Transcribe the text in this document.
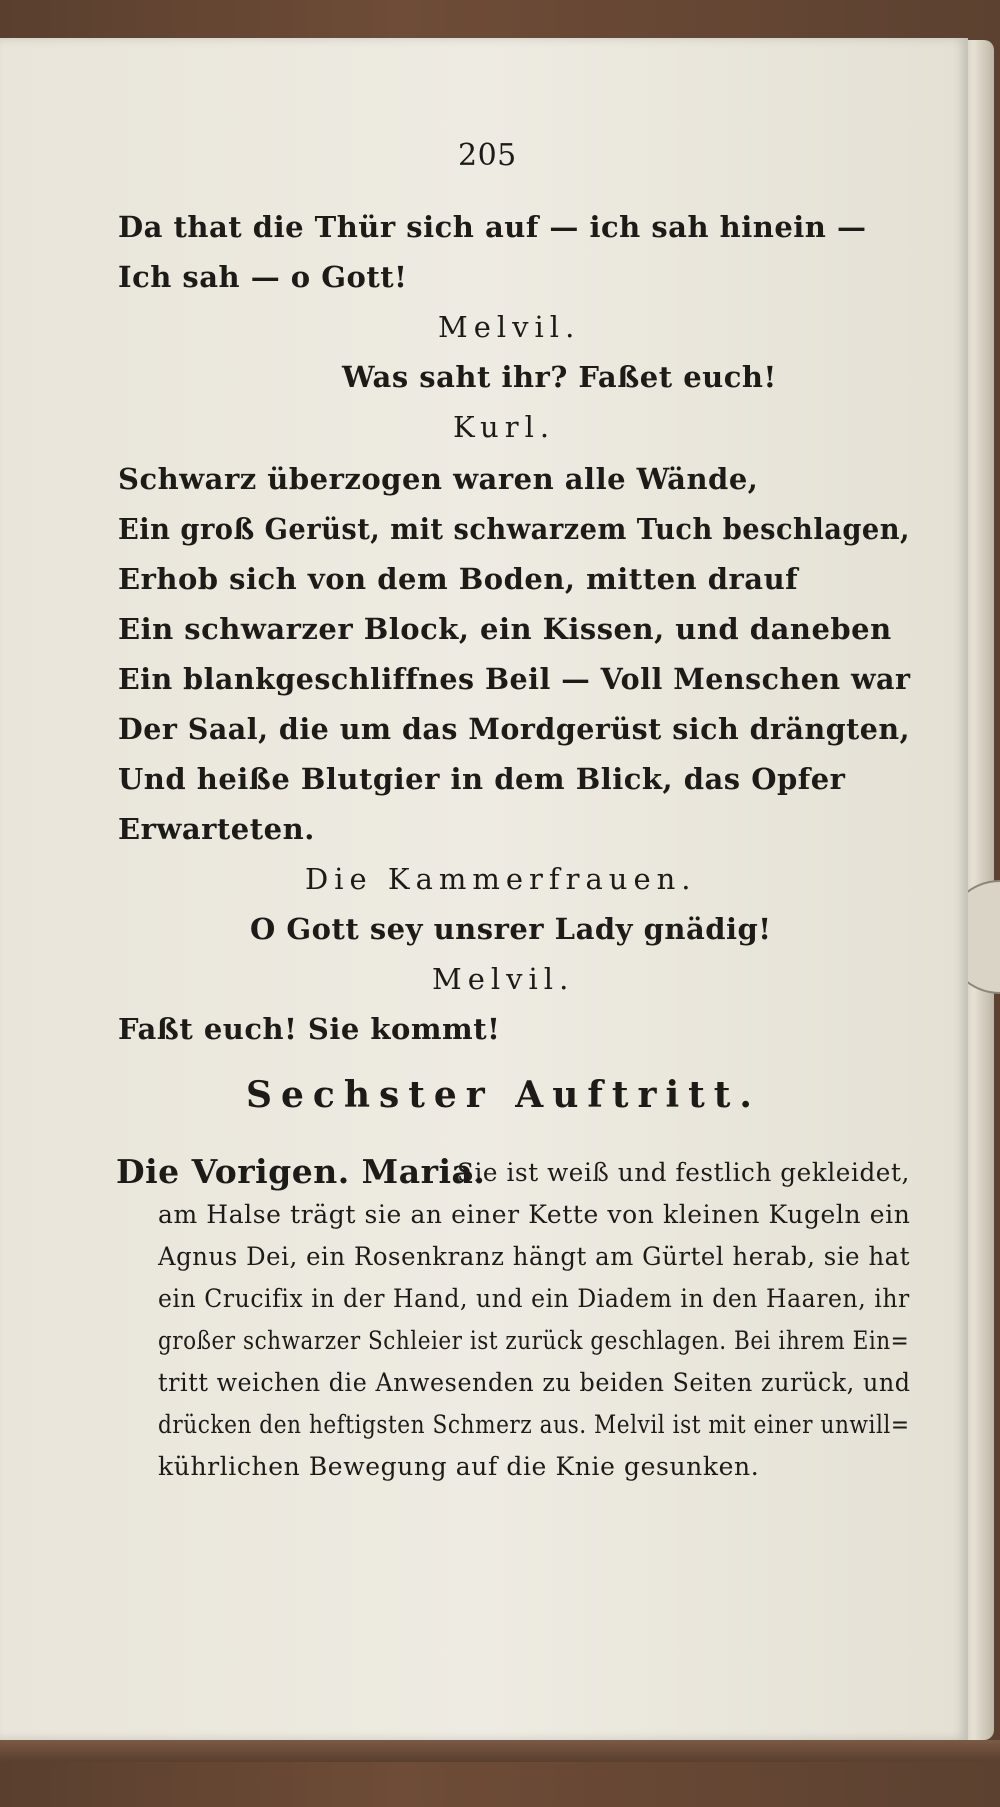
205
Da that die Thür sich auf — ich sah hinein —
Ich sah — o Gott!
Melvil.
Was saht ihr? Faßet euch!
Kurl.
Schwarz überzogen waren alle Wände,
Ein groß Gerüst, mit schwarzem Tuch beschlagen,
Erhob sich von dem Boden, mitten drauf
Ein schwarzer Block, ein Kissen, und daneben
Ein blankgeschliffnes Beil — Voll Menschen war
Der Saal, die um das Mordgerüst sich drängten,
Und heiße Blutgier in dem Blick, das Opfer
Erwarteten.
Die Kammerfrauen.
O Gott sey unsrer Lady gnädig!
Melvil.
Faßt euch! Sie kommt!
Sechster Auftritt.
Die Vorigen. Maria.
Sie ist weiß und festlich gekleidet,
am Halse trägt sie an einer Kette von kleinen Kugeln ein
Agnus Dei, ein Rosenkranz hängt am Gürtel herab, sie hat
ein Crucifix in der Hand, und ein Diadem in den Haaren, ihr
großer schwarzer Schleier ist zurück geschlagen. Bei ihrem Ein=
tritt weichen die Anwesenden zu beiden Seiten zurück, und
drücken den heftigsten Schmerz aus. Melvil ist mit einer unwill=
kührlichen Bewegung auf die Knie gesunken.
